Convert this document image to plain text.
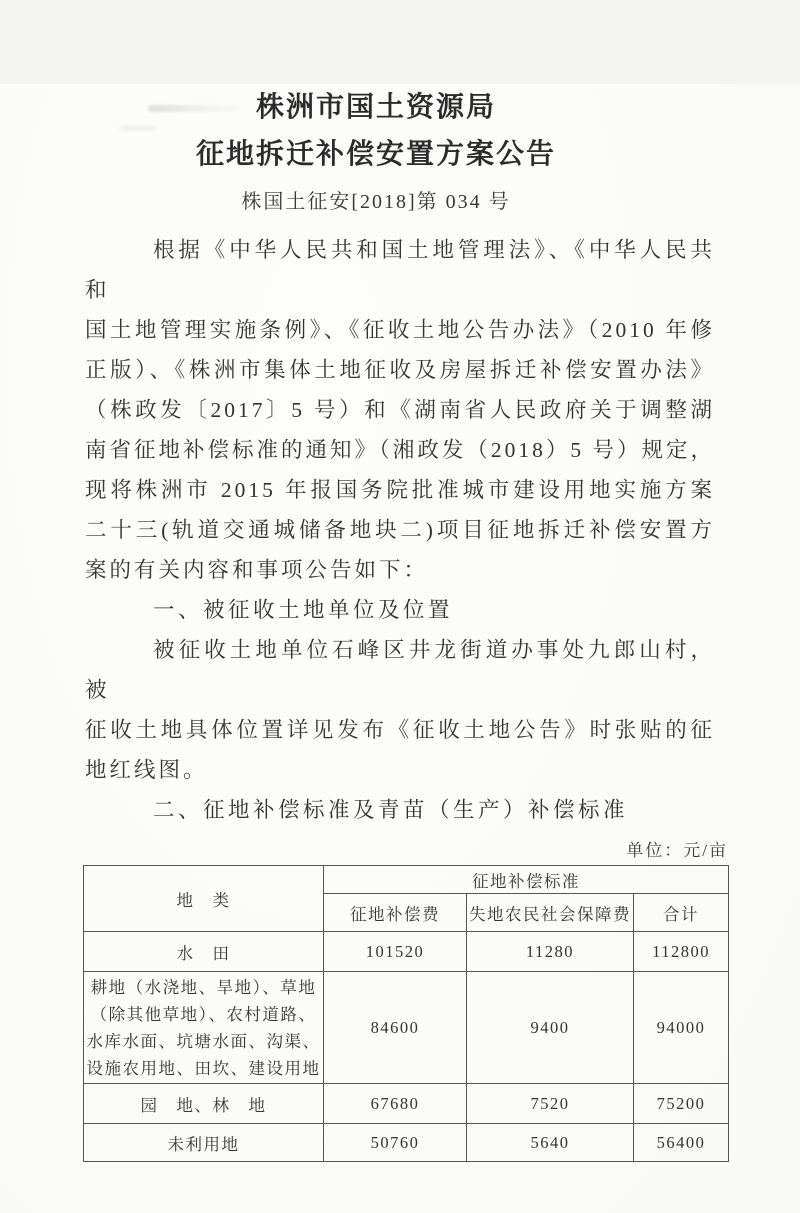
株洲市国土资源局
征地拆迁补偿安置方案公告
株国土征安[2018]第 034 号

根据《中华人民共和国土地管理法》、《中华人民共和

国土地管理实施条例》、《征收土地公告办法》（2010 年修

正版）、《株洲市集体土地征收及房屋拆迁补偿安置办法》

（株政发〔2017〕5 号）和《湖南省人民政府关于调整湖

南省征地补偿标准的通知》（湘政发（2018）5 号）规定，

现将株洲市 2015 年报国务院批准城市建设用地实施方案

二十三(轨道交通城储备地块二)项目征地拆迁补偿安置方

案的有关内容和事项公告如下：

一、被征收土地单位及位置

被征收土地单位石峰区井龙街道办事处九郎山村，被

征收土地具体位置详见发布《征收土地公告》时张贴的征

地红线图。

二、征地补偿标准及青苗（生产）补偿标准

单位：元/亩
地　类	征地补偿标准		
	征地补偿费	失地农民社会保障费	合计
水　田	101520	11280	112800
耕地（水浇地、旱地）、草地（除其他草地）、农村道路、水库水面、坑塘水面、沟渠、设施农用地、田坎、建设用地	84600	9400	94000
园　地、林　地	67680	7520	75200
未利用地	50760	5640	56400
